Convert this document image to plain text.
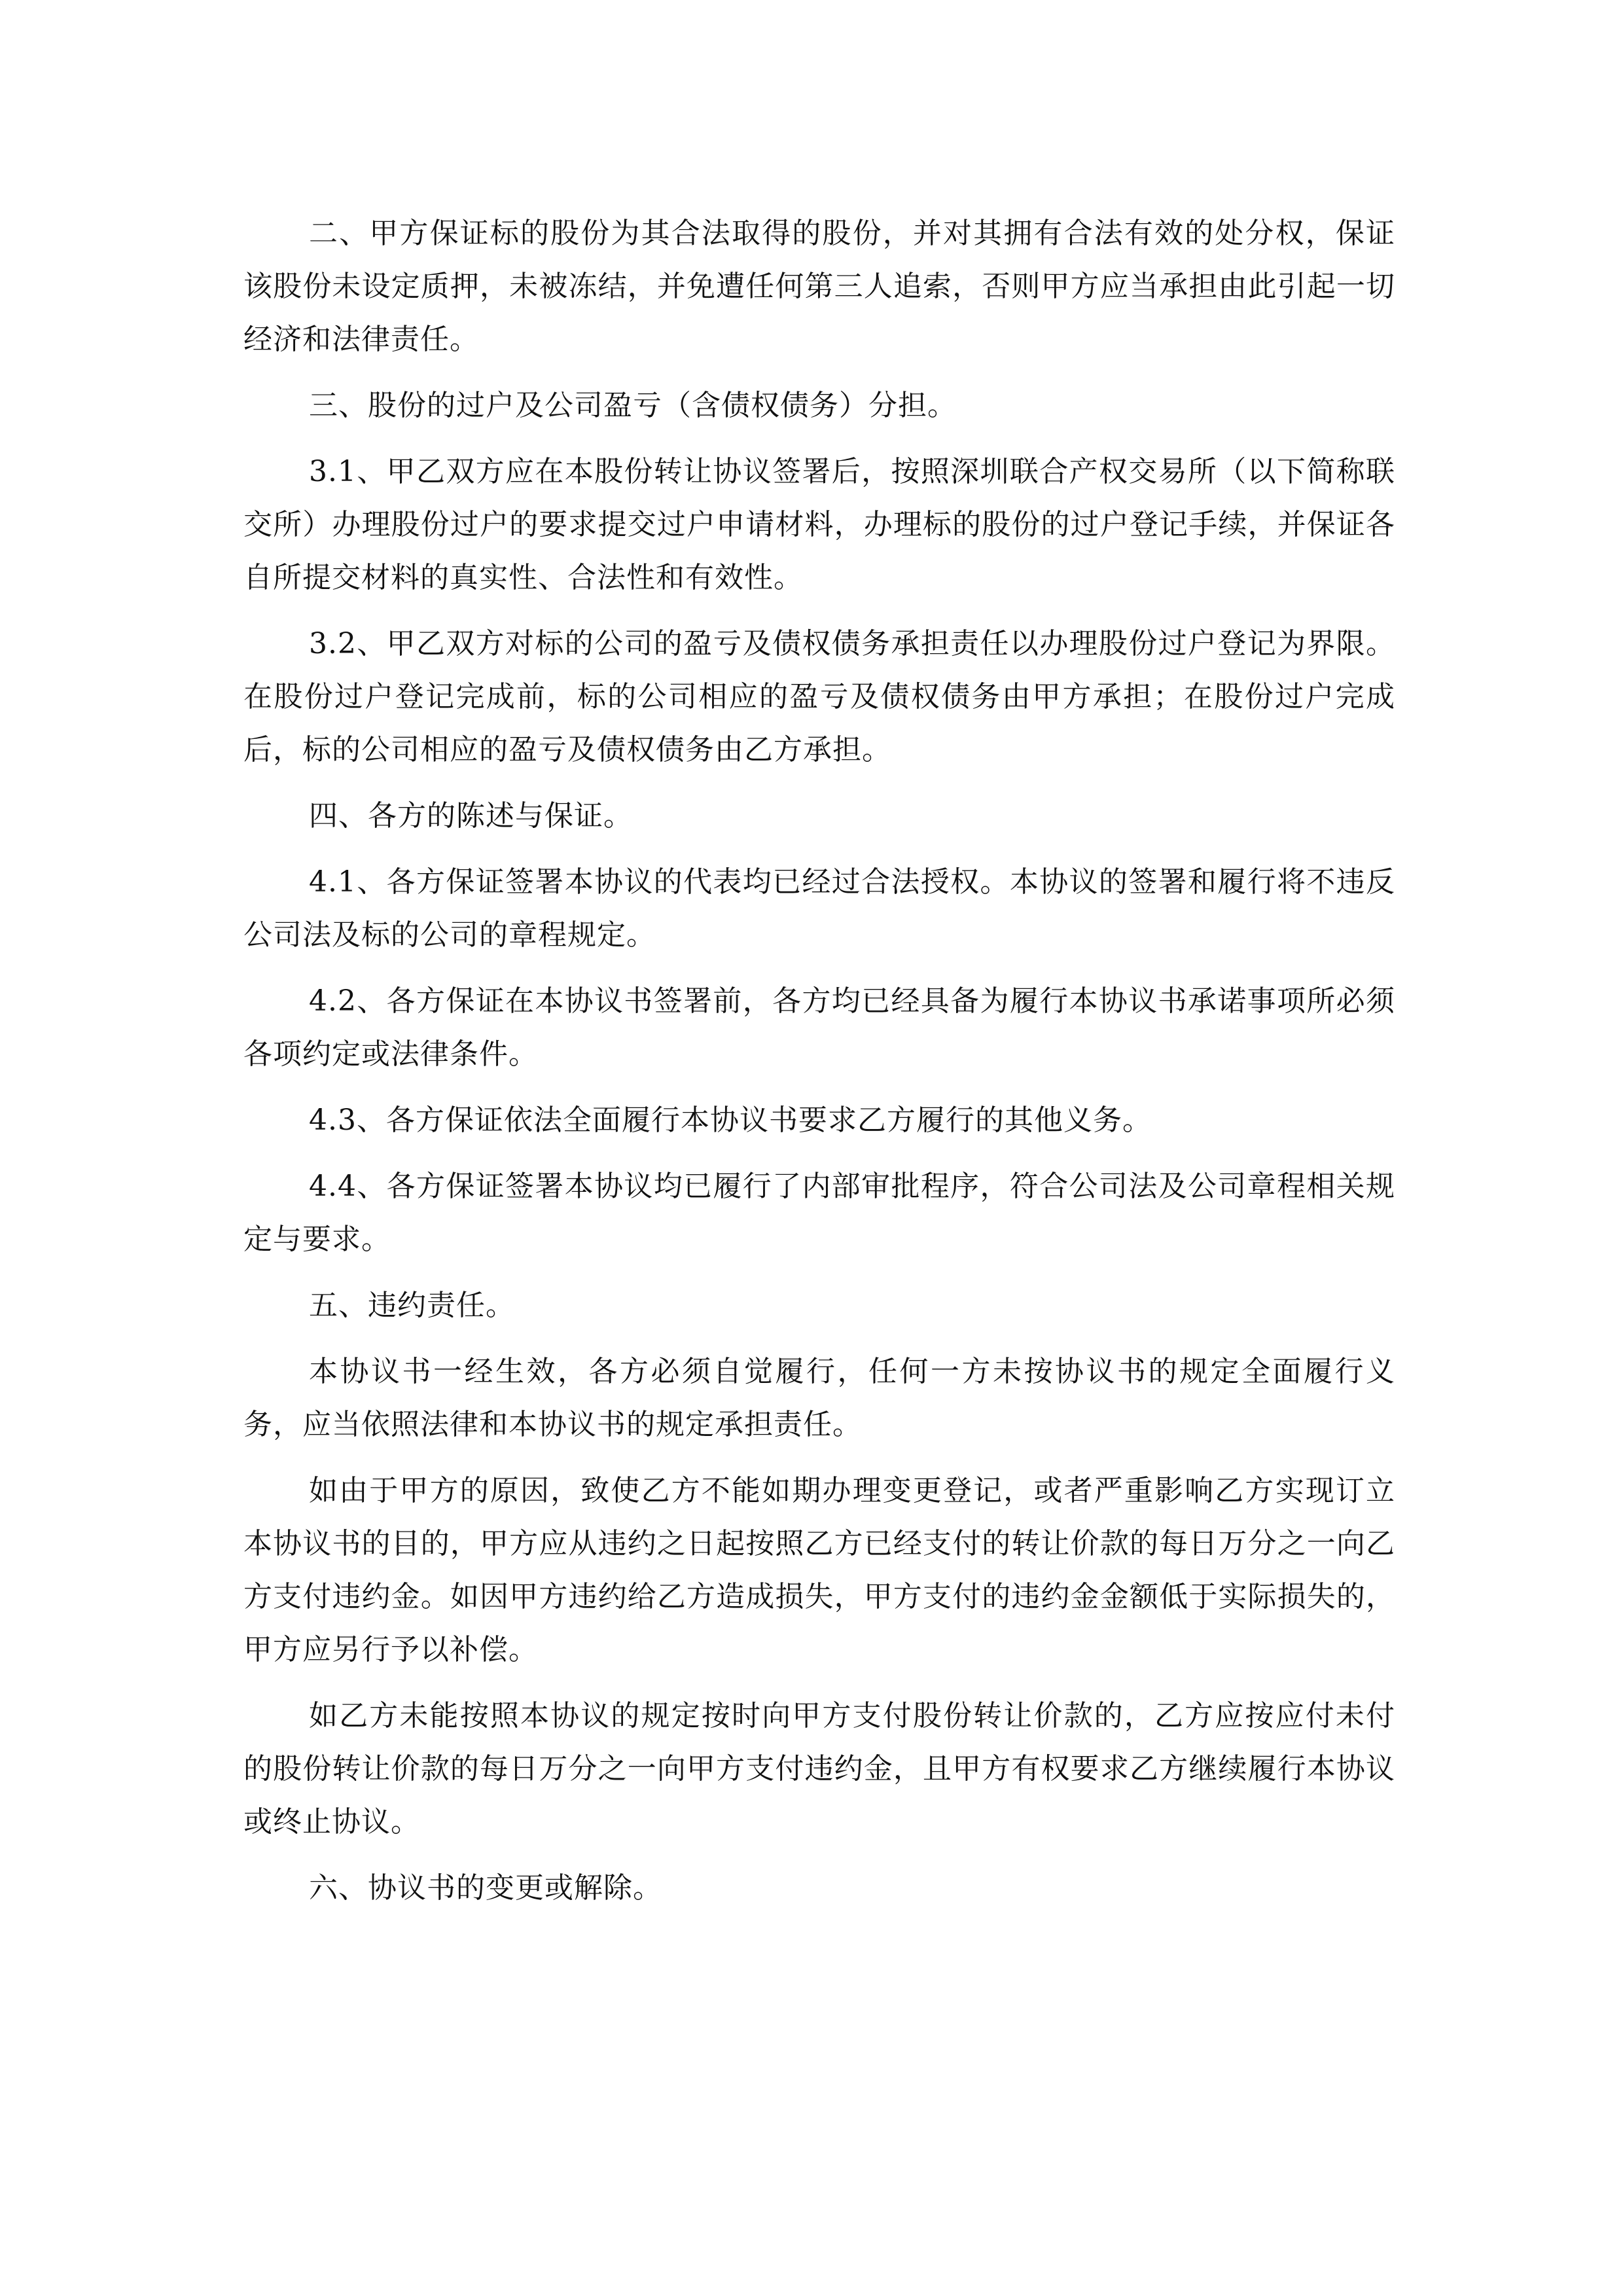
二、甲方保证标的股份为其合法取得的股份，并对其拥有合法有效的处分权，保证该股份未设定质押，未被冻结，并免遭任何第三人追索，否则甲方应当承担由此引起一切经济和法律责任。

三、股份的过户及公司盈亏（含债权债务）分担。

3.1、甲乙双方应在本股份转让协议签署后，按照深圳联合产权交易所（以下简称联交所）办理股份过户的要求提交过户申请材料，办理标的股份的过户登记手续，并保证各自所提交材料的真实性、合法性和有效性。

3.2、甲乙双方对标的公司的盈亏及债权债务承担责任以办理股份过户登记为界限。在股份过户登记完成前，标的公司相应的盈亏及债权债务由甲方承担；在股份过户完成后，标的公司相应的盈亏及债权债务由乙方承担。

四、各方的陈述与保证。

4.1、各方保证签署本协议的代表均已经过合法授权。本协议的签署和履行将不违反公司法及标的公司的章程规定。

4.2、各方保证在本协议书签署前，各方均已经具备为履行本协议书承诺事项所必须各项约定或法律条件。

4.3、各方保证依法全面履行本协议书要求乙方履行的其他义务。

4.4、各方保证签署本协议均已履行了内部审批程序，符合公司法及公司章程相关规定与要求。

五、违约责任。

本协议书一经生效，各方必须自觉履行，任何一方未按协议书的规定全面履行义务，应当依照法律和本协议书的规定承担责任。

如由于甲方的原因，致使乙方不能如期办理变更登记，或者严重影响乙方实现订立本协议书的目的，甲方应从违约之日起按照乙方已经支付的转让价款的每日万分之一向乙方支付违约金。如因甲方违约给乙方造成损失，甲方支付的违约金金额低于实际损失的，甲方应另行予以补偿。

如乙方未能按照本协议的规定按时向甲方支付股份转让价款的，乙方应按应付未付的股份转让价款的每日万分之一向甲方支付违约金，且甲方有权要求乙方继续履行本协议或终止协议。

六、协议书的变更或解除。
